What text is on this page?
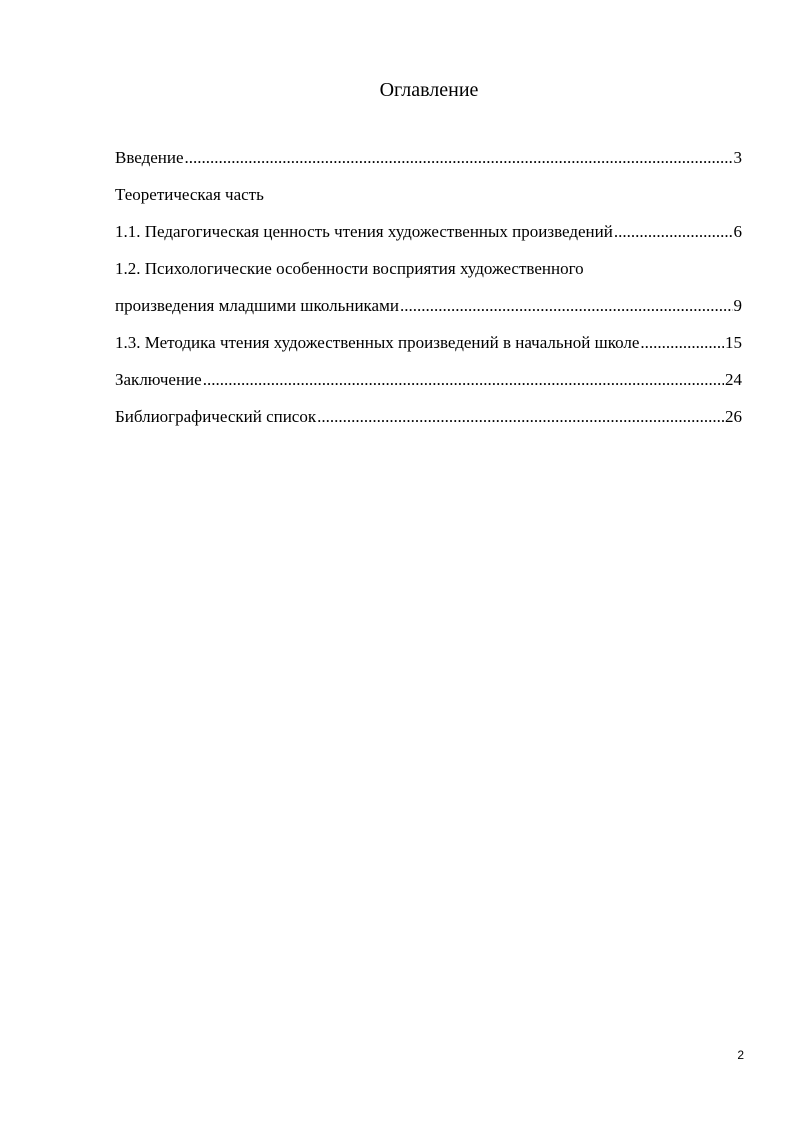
Оглавление
Введение .....	3
Теоретическая часть
1.1. Педагогическая ценность чтения художественных произведений .....	6
1.2. Психологические особенности восприятия художественного
произведения младшими школьниками .....	9
1.3. Методика чтения художественных произведений в начальной школе .....	15
Заключение .....	24
Библиографический список .....	26
2
